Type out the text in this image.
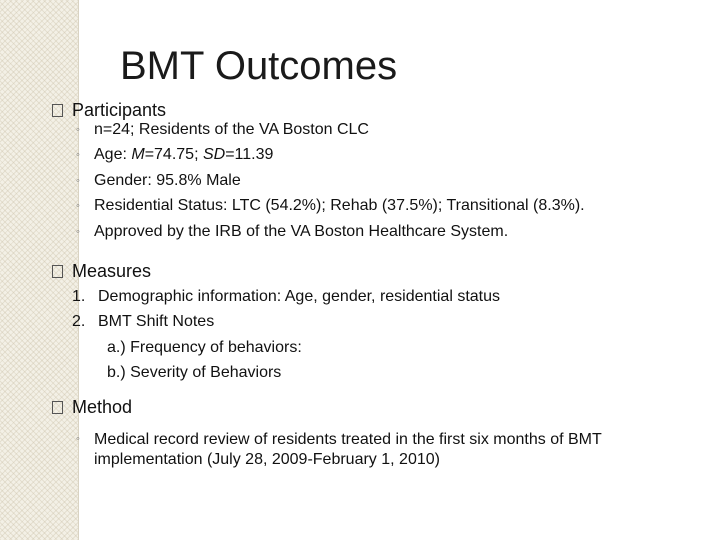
BMT Outcomes
Participants
◦ n=24; Residents of the VA Boston CLC
◦ Age: M=74.75; SD=11.39
◦ Gender: 95.8% Male
◦ Residential Status: LTC (54.2%); Rehab (37.5%); Transitional (8.3%).
◦ Approved by the IRB of the VA Boston Healthcare System.
Measures
1. Demographic information: Age, gender, residential status
2. BMT Shift Notes
a.) Frequency of behaviors:
b.) Severity of Behaviors
Method
◦ Medical record review of residents treated in the first six months of BMT implementation (July 28, 2009-February 1, 2010)
